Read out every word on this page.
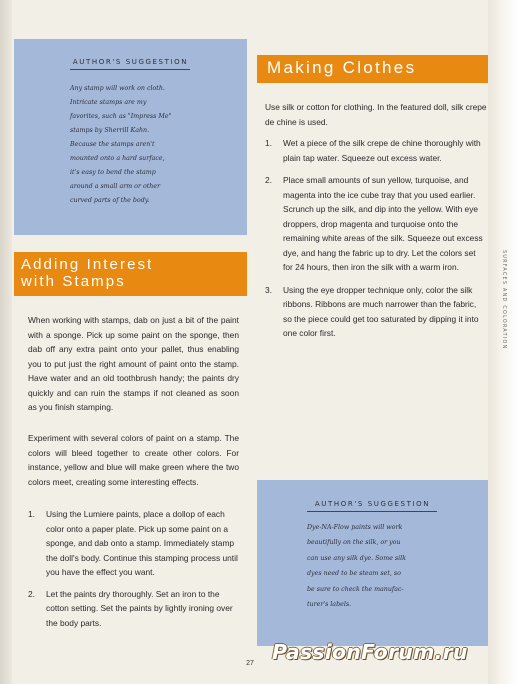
AUTHOR'S SUGGESTION
Any stamp will work on cloth.
Intricate stamps are my
favorites, such as "Impress Me"
stamps by Sherrill Kahn.
Because the stamps aren't
mounted onto a hard surface,
it's easy to bend the stamp
around a small arm or other
curved parts of the body.
Making Clothes

Use silk or cotton for clothing. In the featured doll, silk crepe de chine is used.

1. Wet a piece of the silk crepe de chine thoroughly with plain tap water. Squeeze out excess water.
2. Place small amounts of sun yellow, turquoise, and magenta into the ice cube tray that you used earlier. Scrunch up the silk, and dip into the yellow. With eye droppers, drop magenta and turquoise onto the remaining white areas of the silk. Squeeze out excess dye, and hang the fabric up to dry. Let the colors set for 24 hours, then iron the silk with a warm iron.
3. Using the eye dropper technique only, color the silk ribbons. Ribbons are much narrower than the fabric, so the piece could get too saturated by dipping it into one color first.
Adding Interest
with Stamps

When working with stamps, dab on just a bit of the paint with a sponge. Pick up some paint on the sponge, then dab off any extra paint onto your pallet, thus enabling you to put just the right amount of paint onto the stamp. Have water and an old toothbrush handy; the paints dry quickly and can ruin the stamps if not cleaned as soon as you finish stamping.

Experiment with several colors of paint on a stamp. The colors will bleed together to create other colors. For instance, yellow and blue will make green where the two colors meet, creating some interesting effects.

1. Using the Lumiere paints, place a dollop of each color onto a paper plate. Pick up some paint on a sponge, and dab onto a stamp. Immediately stamp the doll's body. Continue this stamping process until you have the effect you want.
2. Let the paints dry thoroughly. Set an iron to the cotton setting. Set the paints by lightly ironing over the body parts.
AUTHOR'S SUGGESTION
Dye-NA-Flow paints will work
beautifully on the silk, or you
can use any silk dye. Some silk
dyes need to be steam set, so
be sure to check the manufac-
turer's labels.
SURFACES AND COLORATION
27 PassionForum.ru
